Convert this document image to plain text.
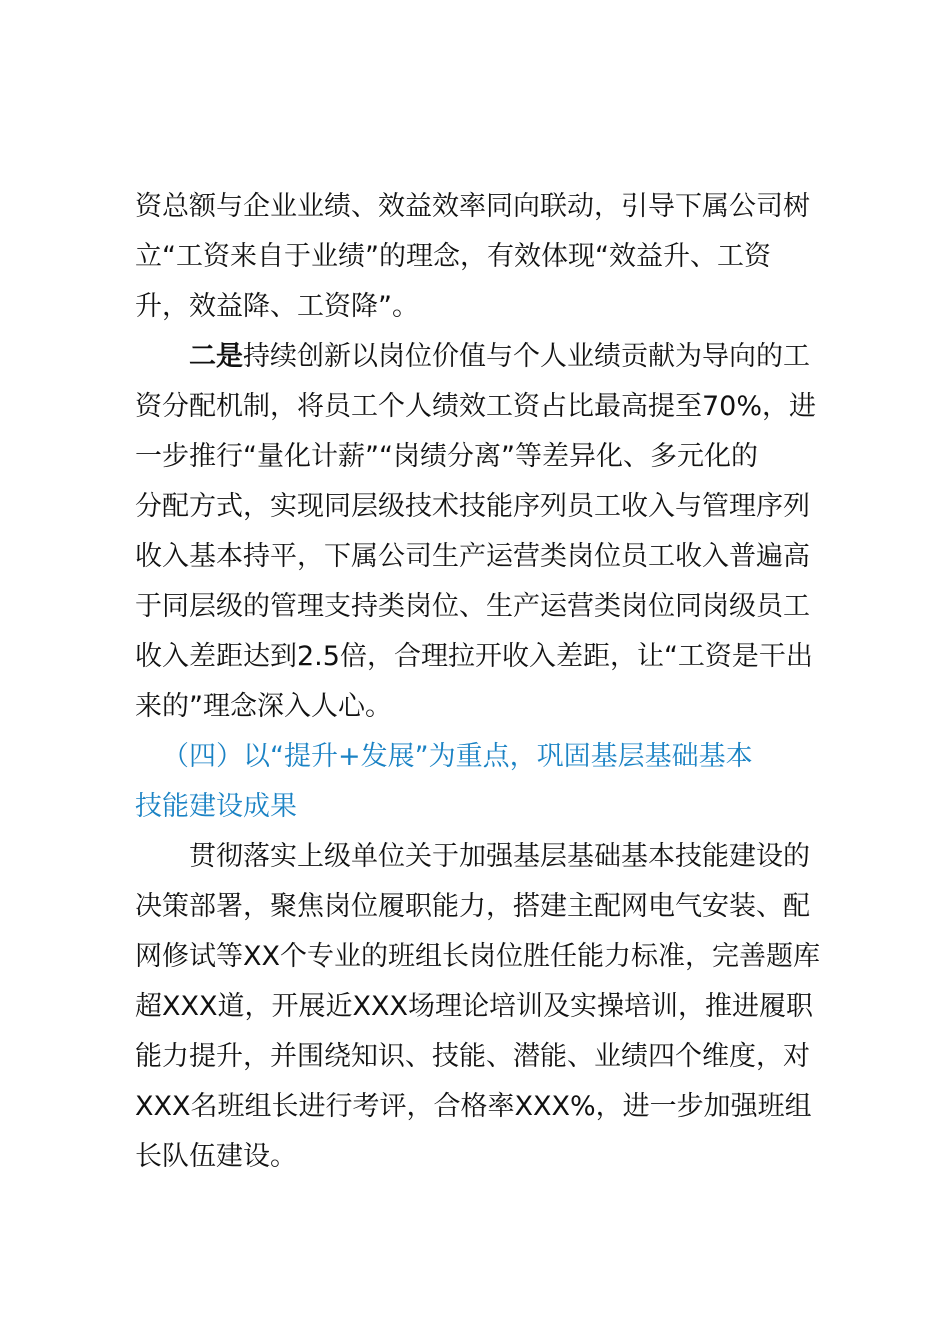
资总额与企业业绩、效益效率同向联动，引导下属公司树
立“工资来自于业绩”的理念，有效体现“效益升、工资
升，效益降、工资降”。
二是持续创新以岗位价值与个人业绩贡献为导向的工
资分配机制，将员工个人绩效工资占比最高提至70%，进
一步推行“量化计薪”“岗绩分离”等差异化、多元化的
分配方式，实现同层级技术技能序列员工收入与管理序列
收入基本持平，下属公司生产运营类岗位员工收入普遍高
于同层级的管理支持类岗位、生产运营类岗位同岗级员工
收入差距达到2.5倍，合理拉开收入差距，让“工资是干出
来的”理念深入人心。
（四）以“提升+发展”为重点，巩固基层基础基本
技能建设成果
贯彻落实上级单位关于加强基层基础基本技能建设的
决策部署，聚焦岗位履职能力，搭建主配网电气安装、配
网修试等XX个专业的班组长岗位胜任能力标准，完善题库
超XXX道，开展近XXX场理论培训及实操培训，推进履职
能力提升，并围绕知识、技能、潜能、业绩四个维度，对
XXX名班组长进行考评，合格率XXX%，进一步加强班组
长队伍建设。
